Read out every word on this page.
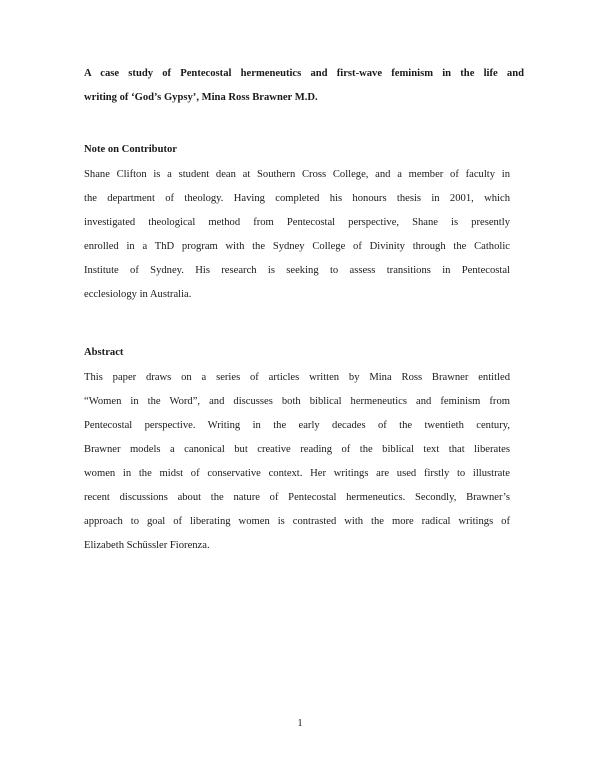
A case study of Pentecostal hermeneutics and first-wave feminism in the life and
writing of ‘God’s Gypsy’, Mina Ross Brawner M.D.
Note on Contributor
Shane Clifton is a student dean at Southern Cross College, and a member of faculty in
the department of theology. Having completed his honours thesis in 2001, which
investigated theological method from Pentecostal perspective, Shane is presently
enrolled in a ThD program with the Sydney College of Divinity through the Catholic
Institute of Sydney. His research is seeking to assess transitions in Pentecostal
ecclesiology in Australia.
Abstract
This paper draws on a series of articles written by Mina Ross Brawner entitled
“Women in the Word”, and discusses both biblical hermeneutics and feminism from
Pentecostal perspective. Writing in the early decades of the twentieth century,
Brawner models a canonical but creative reading of the biblical text that liberates
women in the midst of conservative context. Her writings are used firstly to illustrate
recent discussions about the nature of Pentecostal hermeneutics. Secondly, Brawner’s
approach to goal of liberating women is contrasted with the more radical writings of
Elizabeth Schüssler Fiorenza.
1
